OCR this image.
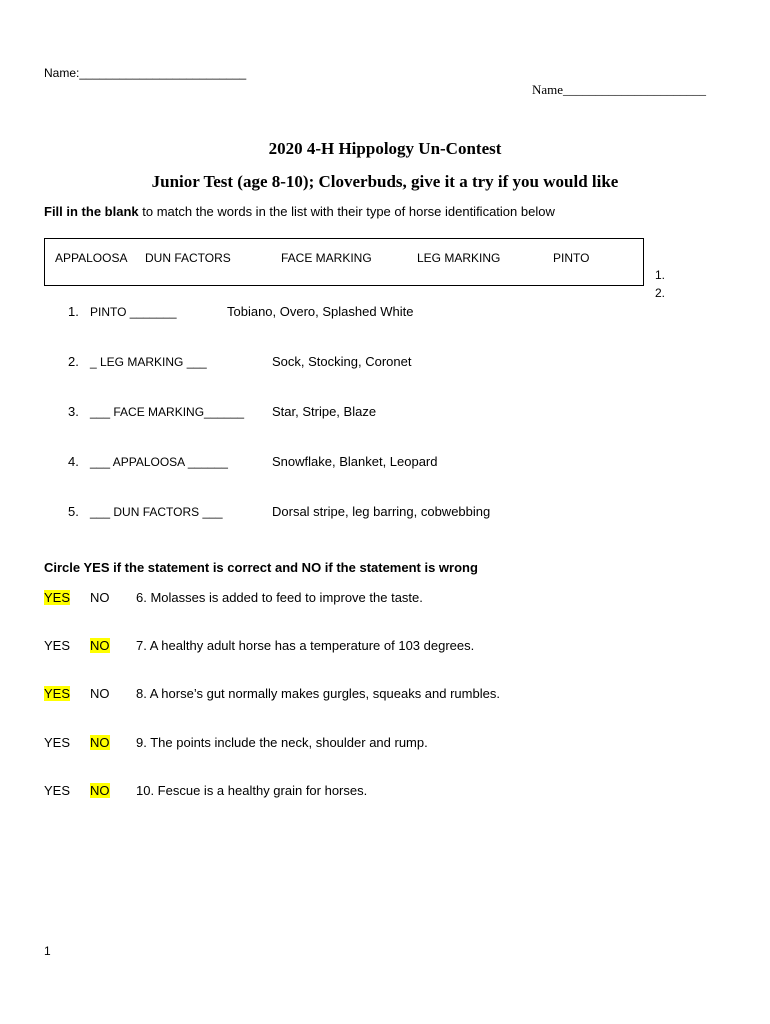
Name:_________________________
Name______________________
2020 4-H Hippology Un-Contest
Junior Test (age 8-10); Cloverbuds, give it a try if you would like
Fill in the blank to match the words in the list with their type of horse identification below
APPALOOSA DUN FACTORS	FACE MARKING	LEG MARKING	PINTO
1.
2.
1. PINTO _______	Tobiano, Overo, Splashed White
2. _ LEG MARKING ___	Sock, Stocking, Coronet
3. ___ FACE MARKING______ Star, Stripe, Blaze
4. ___ APPALOOSA ______	Snowflake, Blanket, Leopard
5. ___ DUN FACTORS ___	Dorsal stripe, leg barring, cobwebbing
Circle YES if the statement is correct and NO if the statement is wrong
YES NO 6. Molasses is added to feed to improve the taste.
YES NO 7. A healthy adult horse has a temperature of 103 degrees.
YES NO 8. A horse’s gut normally makes gurgles, squeaks and rumbles.
YES NO 9. The points include the neck, shoulder and rump.
YES NO 10. Fescue is a healthy grain for horses.
1
